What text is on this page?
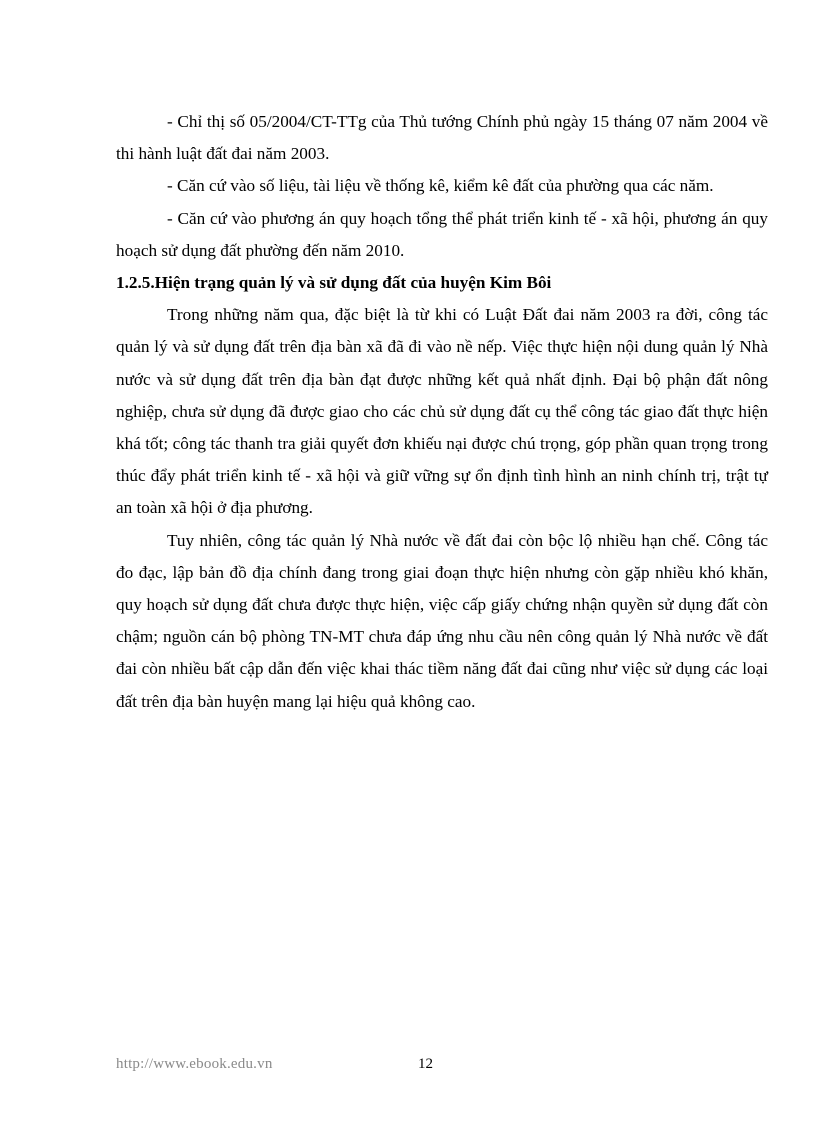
- Chỉ thị số 05/2004/CT-TTg của Thủ tướng Chính phủ ngày 15 tháng 07 năm 2004 về thi hành luật đất đai năm 2003.

- Căn cứ vào số liệu, tài liệu về thống kê, kiểm kê đất của phường qua các năm.

- Căn cứ vào phương án quy hoạch tổng thể phát triển kinh tế - xã hội, phương án quy hoạch sử dụng đất phường đến năm 2010.

1.2.5.Hiện trạng quản lý và sử dụng đất của huyện Kim Bôi

Trong những năm qua, đặc biệt là từ khi có Luật Đất đai năm 2003 ra đời, công tác quản lý và sử dụng đất trên địa bàn xã đã đi vào nề nếp. Việc thực hiện nội dung quản lý Nhà nước và sử dụng đất trên địa bàn đạt được những kết quả nhất định. Đại bộ phận đất nông nghiệp, chưa sử dụng đã được giao cho các chủ sử dụng đất cụ thể công tác giao đất thực hiện khá tốt; công tác thanh tra giải quyết đơn khiếu nại được chú trọng, góp phần quan trọng trong thúc đẩy phát triển kinh tế - xã hội và giữ vững sự ổn định tình hình an ninh chính trị, trật tự an toàn xã hội ở địa phương.

Tuy nhiên, công tác quản lý Nhà nước về đất đai còn bộc lộ nhiều hạn chế. Công tác đo đạc, lập bản đồ địa chính đang trong giai đoạn thực hiện nhưng còn gặp nhiều khó khăn, quy hoạch sử dụng đất chưa được thực hiện, việc cấp giấy chứng nhận quyền sử dụng đất còn chậm; nguồn cán bộ phòng TN-MT chưa đáp ứng nhu cầu nên công quản lý Nhà nước về đất đai còn nhiều bất cập dẫn đến việc khai thác tiềm năng đất đai cũng như việc sử dụng các loại đất trên địa bàn huyện mang lại hiệu quả không cao.

http://www.ebook.edu.vn	12
